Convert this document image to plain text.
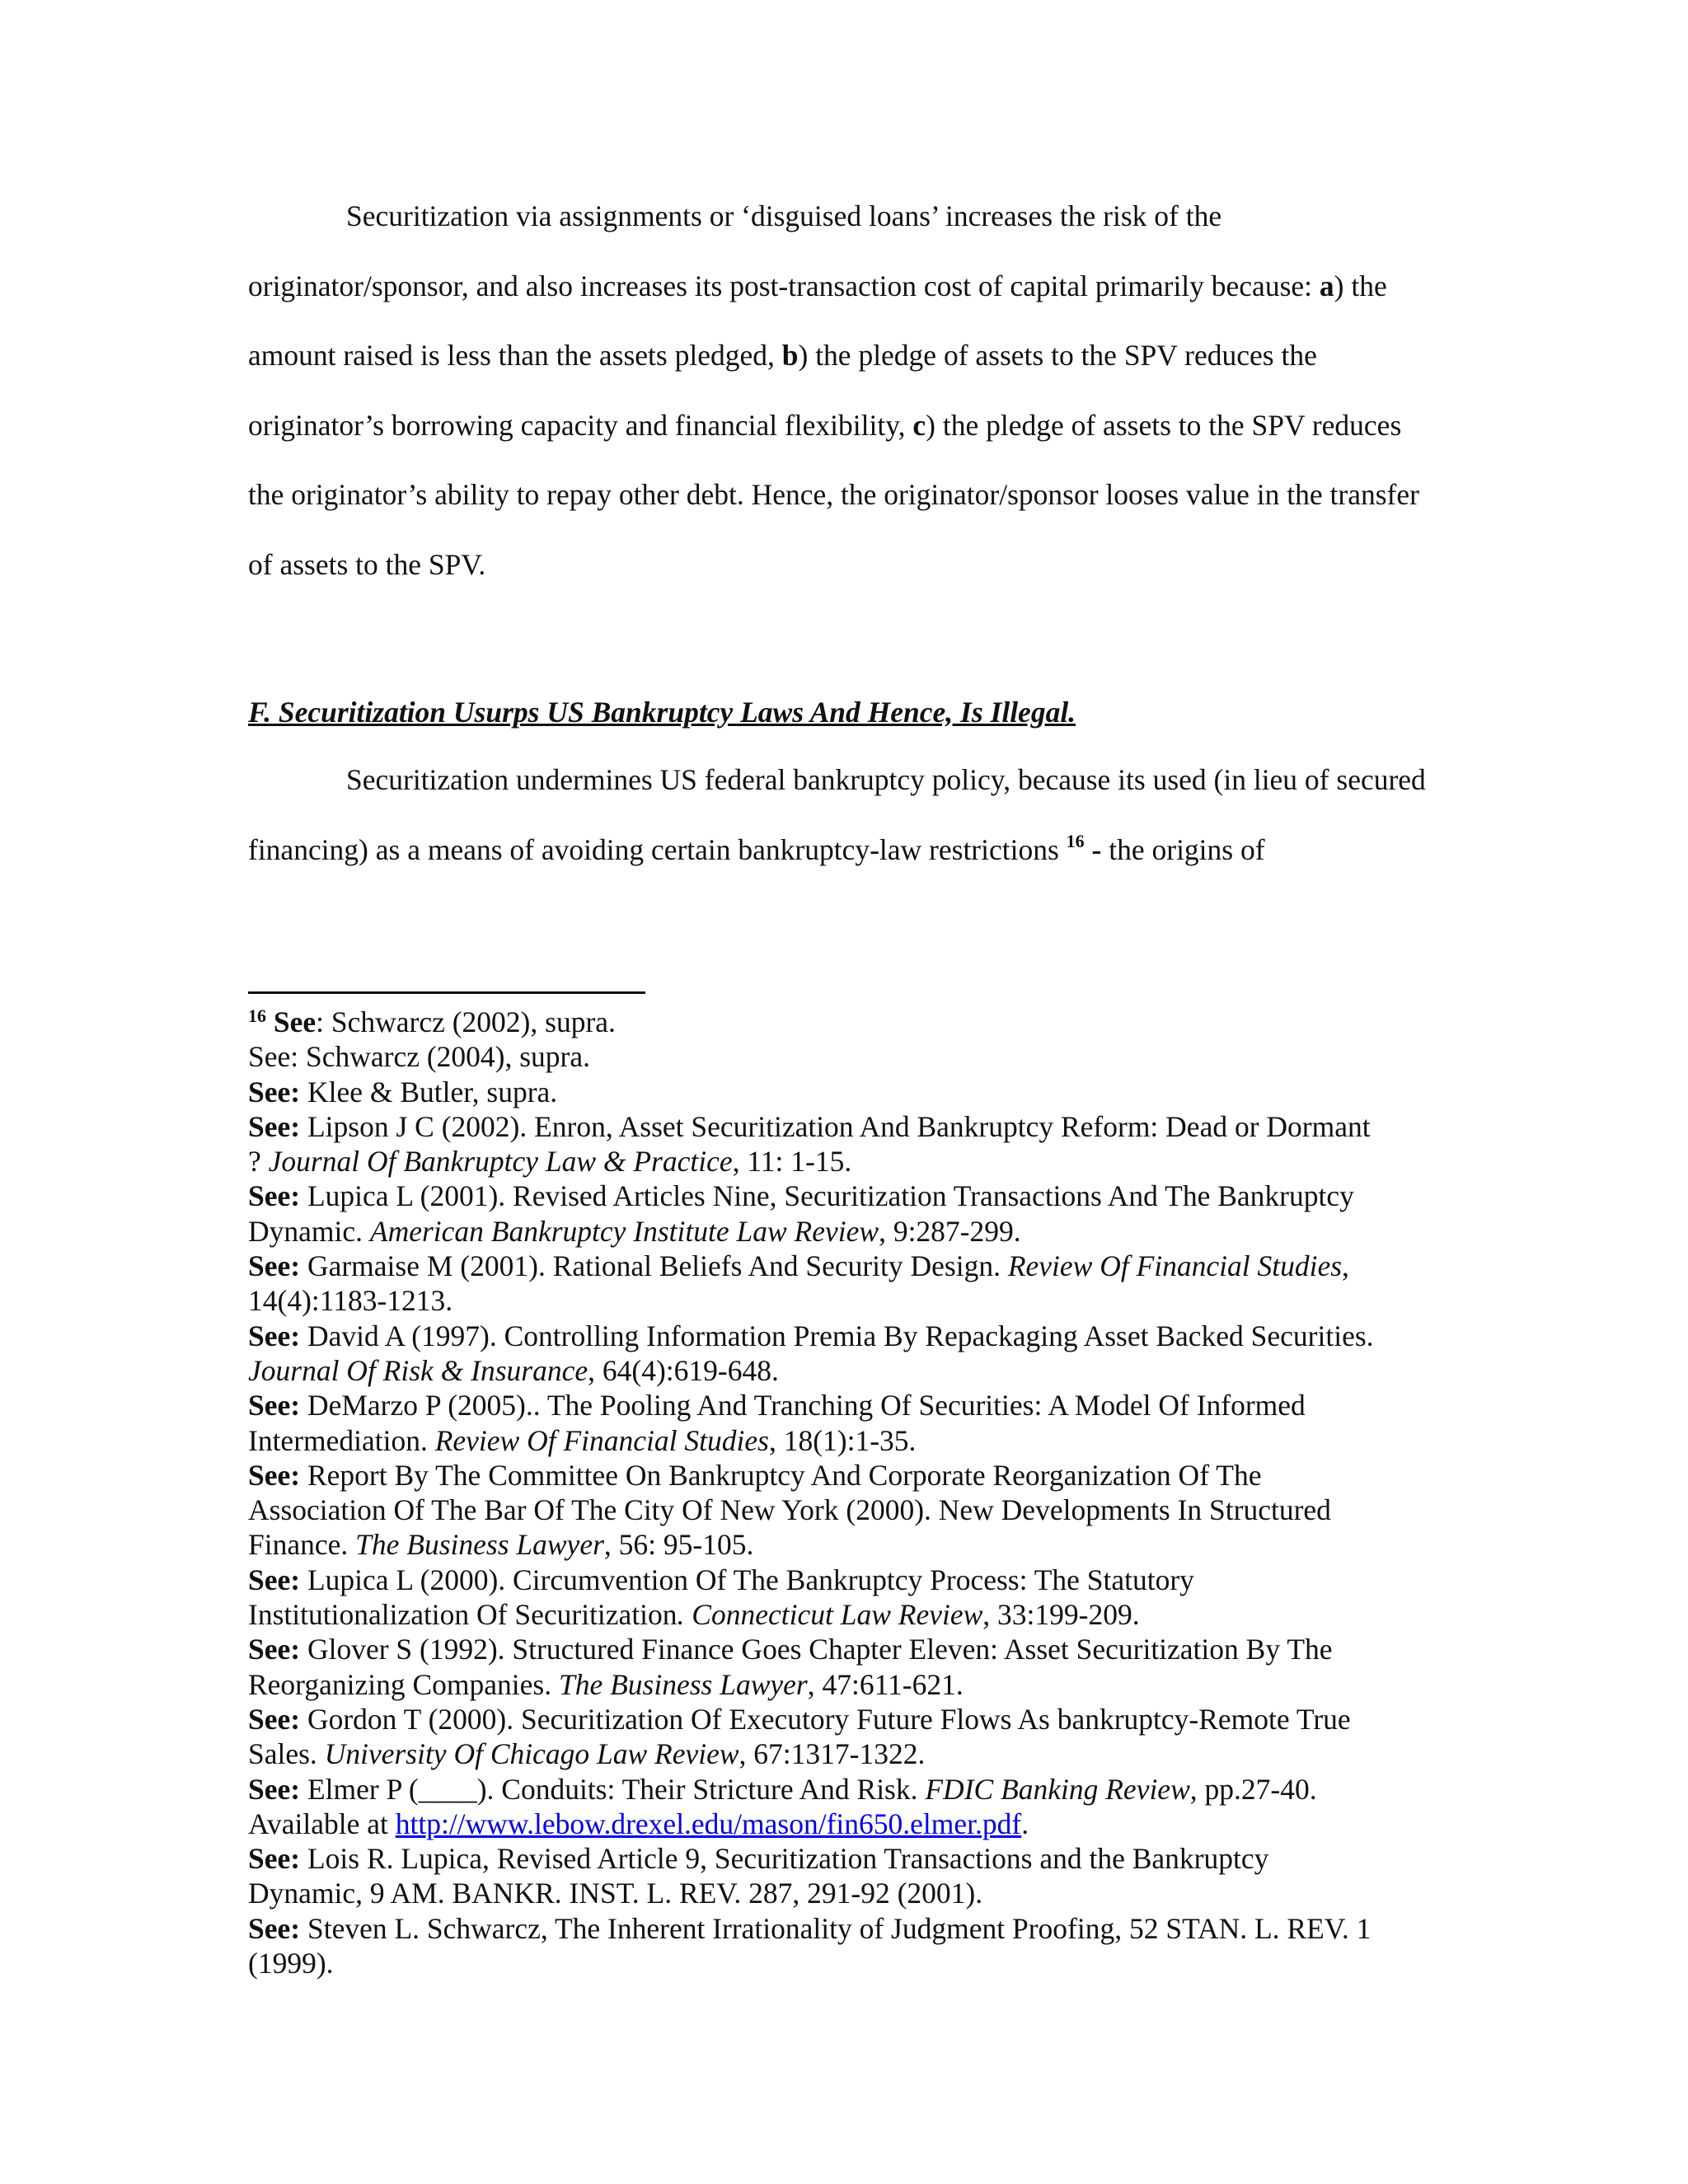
Securitization via assignments or ‘disguised loans’ increases the risk of the originator/sponsor, and also increases its post-transaction cost of capital primarily because: a) the amount raised is less than the assets pledged, b) the pledge of assets to the SPV reduces the originator’s borrowing capacity and financial flexibility, c) the pledge of assets to the SPV reduces the originator’s ability to repay other debt. Hence, the originator/sponsor looses value in the transfer of assets to the SPV.

F. Securitization Usurps US Bankruptcy Laws And Hence, Is Illegal.

Securitization undermines US federal bankruptcy policy, because its used (in lieu of secured financing) as a means of avoiding certain bankruptcy-law restrictions $^{16}$ - the origins of

$^{16}$ See: Schwarcz (2002), supra.
See: Schwarcz (2004), supra.
See: Klee & Butler, supra.
See: Lipson J C (2002). Enron, Asset Securitization And Bankruptcy Reform: Dead or Dormant
? Journal Of Bankruptcy Law & Practice, 11: 1-15.
See: Lupica L (2001). Revised Articles Nine, Securitization Transactions And The Bankruptcy
Dynamic. American Bankruptcy Institute Law Review, 9:287-299.
See: Garmaise M (2001). Rational Beliefs And Security Design. Review Of Financial Studies,
14(4):1183-1213.
See: David A (1997). Controlling Information Premia By Repackaging Asset Backed Securities.
Journal Of Risk & Insurance, 64(4):619-648.
See: DeMarzo P (2005).. The Pooling And Tranching Of Securities: A Model Of Informed
Intermediation. Review Of Financial Studies, 18(1):1-35.
See: Report By The Committee On Bankruptcy And Corporate Reorganization Of The
Association Of The Bar Of The City Of New York (2000). New Developments In Structured
Finance. The Business Lawyer, 56: 95-105.
See: Lupica L (2000). Circumvention Of The Bankruptcy Process: The Statutory
Institutionalization Of Securitization. Connecticut Law Review, 33:199-209.
See: Glover S (1992). Structured Finance Goes Chapter Eleven: Asset Securitization By The
Reorganizing Companies. The Business Lawyer, 47:611-621.
See: Gordon T (2000). Securitization Of Executory Future Flows As bankruptcy-Remote True
Sales. University Of Chicago Law Review, 67:1317-1322.
See: Elmer P (____). Conduits: Their Stricture And Risk. FDIC Banking Review, pp.27-40.
Available at http://www.lebow.drexel.edu/mason/fin650.elmer.pdf.
See: Lois R. Lupica, Revised Article 9, Securitization Transactions and the Bankruptcy
Dynamic, 9 AM. BANKR. INST. L. REV. 287, 291-92 (2001).
See: Steven L. Schwarcz, The Inherent Irrationality of Judgment Proofing, 52 STAN. L. REV. 1
(1999).
